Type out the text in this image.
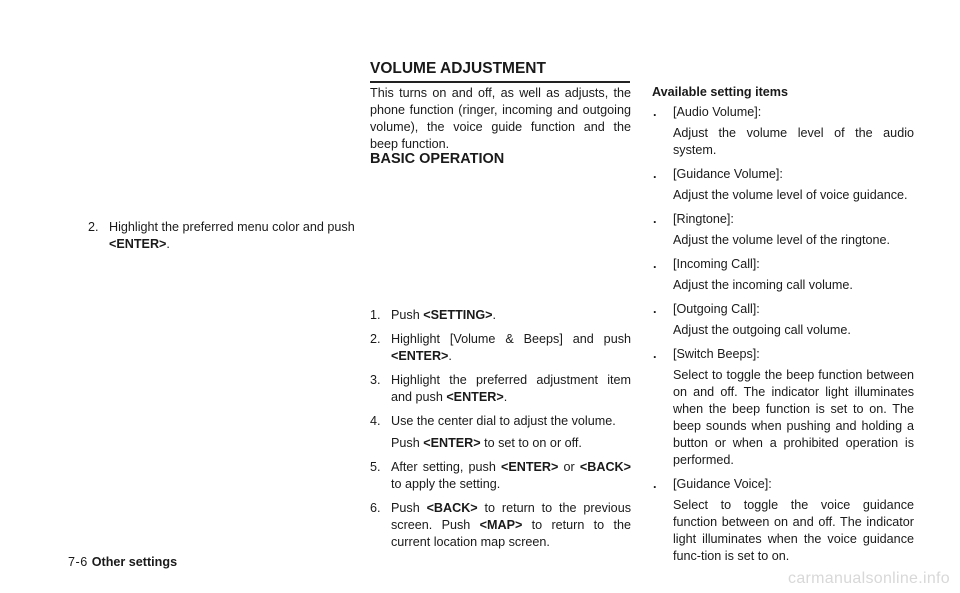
2. Highlight the preferred menu color and push <ENTER>.
VOLUME ADJUSTMENT
This turns on and off, as well as adjusts, the phone function (ringer, incoming and outgoing volume), the voice guide function and the beep function.
BASIC OPERATION
1. Push <SETTING>.
2. Highlight [Volume & Beeps] and push <ENTER>.
3. Highlight the preferred adjustment item and push <ENTER>.
4. Use the center dial to adjust the volume.
Push <ENTER> to set to on or off.
5. After setting, push <ENTER> or <BACK> to apply the setting.
6. Push <BACK> to return to the previous screen. Push <MAP> to return to the current location map screen.
Available setting items
. [Audio Volume]:
Adjust the volume level of the audio system.
. [Guidance Volume]:
Adjust the volume level of voice guidance.
. [Ringtone]:
Adjust the volume level of the ringtone.
. [Incoming Call]:
Adjust the incoming call volume.
. [Outgoing Call]:
Adjust the outgoing call volume.
. [Switch Beeps]:
Select to toggle the beep function between on and off. The indicator light illuminates when the beep function is set to on. The beep sounds when pushing and holding a button or when a prohibited operation is performed.
. [Guidance Voice]:
Select to toggle the voice guidance function between on and off. The indicator light illuminates when the voice guidance func-tion is set to on.
7-6 Other settings
carmanualsonline.info
